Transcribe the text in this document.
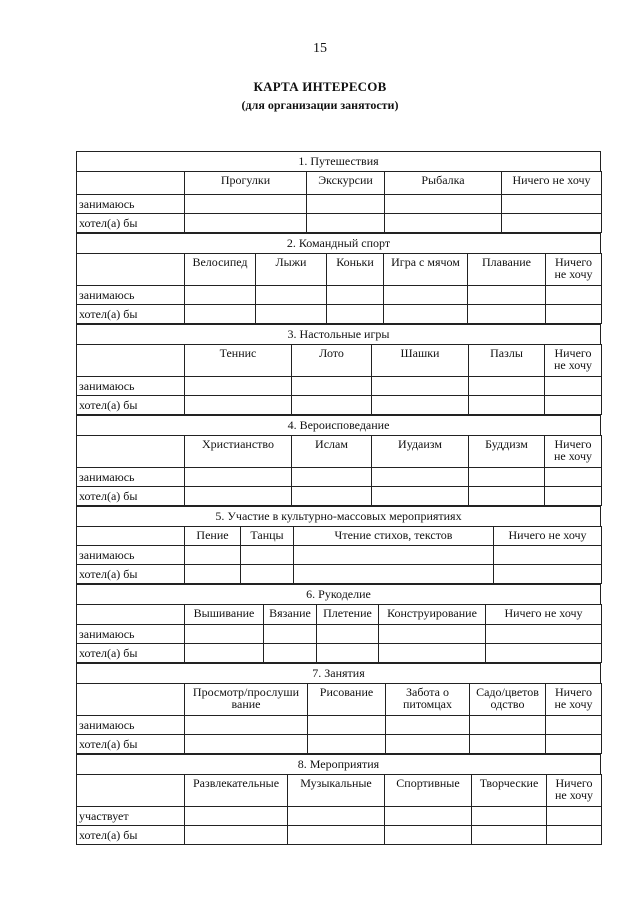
15
КАРТА ИНТЕРЕСОВ
(для организации занятости)
1. Путешествия
	Прогулки	Экскурсии	Рыбалка	Ничего не хочу
занимаюсь				
хотел(а) бы				
2. Командный спорт
	Велосипед	Лыжи	Коньки	Игра с мячом	Плавание	Ничего не хочу
занимаюсь						
хотел(а) бы						
3. Настольные игры
	Теннис	Лото	Шашки	Пазлы	Ничего не хочу
занимаюсь					
хотел(а) бы					
4. Вероисповедание
	Христианство	Ислам	Иудаизм	Буддизм	Ничего не хочу
занимаюсь					
хотел(а) бы					
5. Участие в культурно-массовых мероприятиях
	Пение	Танцы	Чтение стихов, текстов	Ничего не хочу
занимаюсь				
хотел(а) бы				
6. Рукоделие
	Вышивание	Вязание	Плетение	Конструирование	Ничего не хочу
занимаюсь					
хотел(а) бы					
7. Занятия
	Просмотр/прослуши вание	Рисование	Забота о питомцах	Садо/цветов одство	Ничего не хочу
занимаюсь					
хотел(а) бы					
8. Мероприятия
	Развлекательные	Музыкальные	Спортивные	Творческие	Ничего не хочу
участвует					
хотел(а) бы					
